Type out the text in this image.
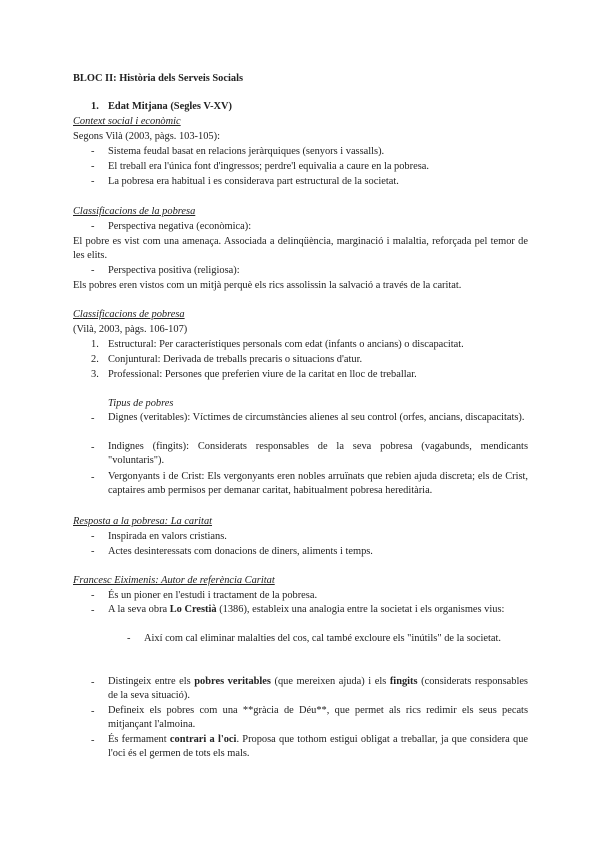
BLOC II: Història dels Serveis Socials
1. Edat Mitjana (Segles V-XV)
Context social i econòmic
Segons Vilà (2003, pàgs. 103-105):
- Sistema feudal basat en relacions jeràrquiques (senyors i vassalls).
- El treball era l'única font d'ingressos; perdre'l equivalia a caure en la pobresa.
- La pobresa era habitual i es considerava part estructural de la societat.
Classificacions de la pobresa
- Perspectiva negativa (econòmica):
El pobre es vist com una amenaça. Associada a delinqüència, marginació i malaltia, reforçada pel temor de les elits.
- Perspectiva positiva (religiosa):
Els pobres eren vistos com un mitjà perquè els rics assolissin la salvació a través de la caritat.
Classificacions de pobresa
(Vilà, 2003, pàgs. 106-107)
1. Estructural: Per característiques personals com edat (infants o ancians) o discapacitat.
2. Conjuntural: Derivada de treballs precaris o situacions d'atur.
3. Professional: Persones que preferien viure de la caritat en lloc de treballar.
Tipus de pobres
- Dignes (veritables): Víctimes de circumstàncies alienes al seu control (orfes, ancians, discapacitats).
- Indignes (fingits): Considerats responsables de la seva pobresa (vagabunds, mendicants "voluntaris").
- Vergonyants i de Crist: Els vergonyants eren nobles arruïnats que rebien ajuda discreta; els de Crist, captaires amb permisos per demanar caritat, habitualment pobresa hereditària.
Resposta a la pobresa: La caritat
- Inspirada en valors cristians.
- Actes desinteressats com donacions de diners, aliments i temps.
Francesc Eiximenis: Autor de referència Caritat
- És un pioner en l'estudi i tractament de la pobresa.
- A la seva obra Lo Crestià (1386), estableix una analogia entre la societat i els organismes vius:
- Així com cal eliminar malalties del cos, cal també excloure els "inútils" de la societat.
- Distingeix entre els pobres veritables (que mereixen ajuda) i els fingits (considerats responsables de la seva situació).
- Defineix els pobres com una **gràcia de Déu**, que permet als rics redimir els seus pecats mitjançant l'almoina.
- És fermament contrari a l'oci. Proposa que tothom estigui obligat a treballar, ja que considera que l'oci és el germen de tots els mals.
